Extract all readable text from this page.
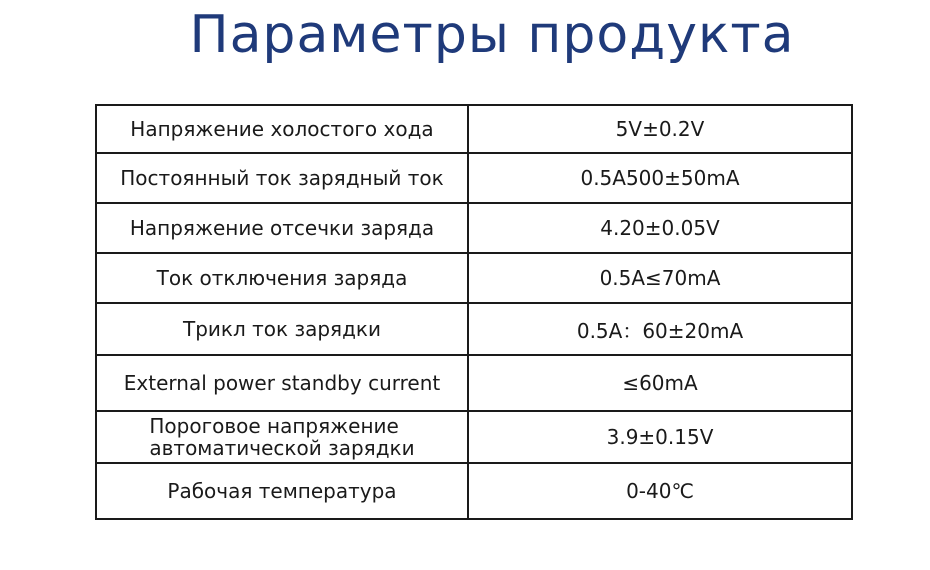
Параметры продукта
Напряжение холостого хода	5V±0.2V
Постоянный ток зарядный ток	0.5A500±50mA
Напряжение отсечки заряда	4.20±0.05V
Ток отключения заряда	0.5A≤70mA
Трикл ток зарядки	0.5A：60±20mA
External power standby current	≤60mA
Пороговое напряжение
автоматической зарядки	3.9±0.15V
Рабочая температура	0-40℃
